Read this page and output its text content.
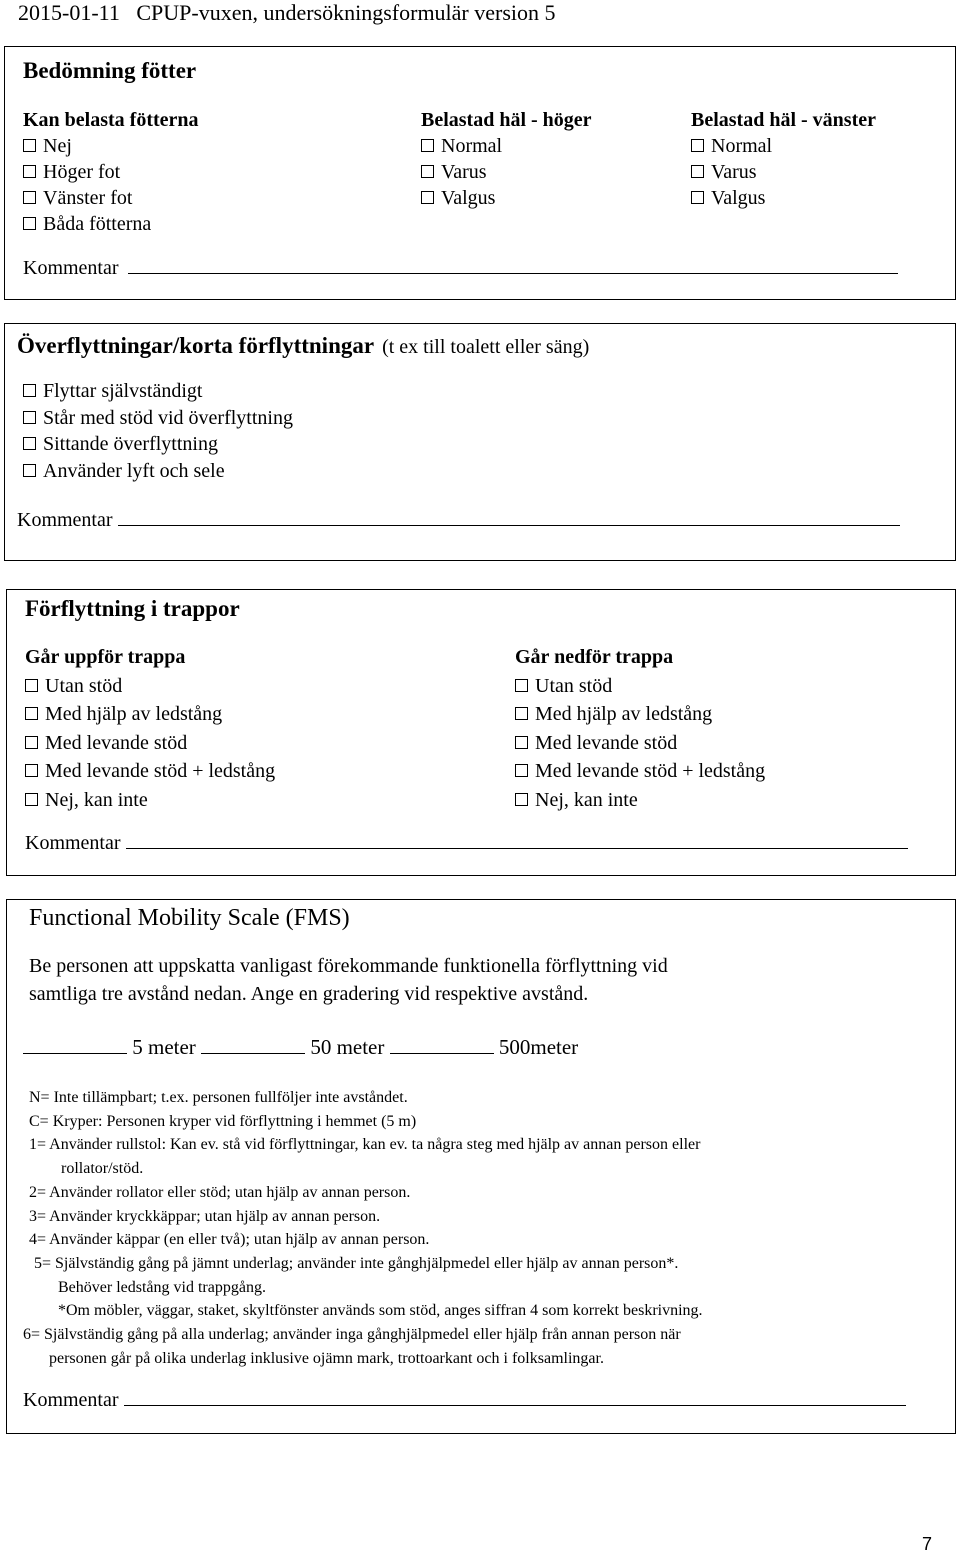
2015-01-11 CPUP-vuxen, undersökningsformulär version 5
Bedömning fötter
Kan belasta fötterna
Nej
Höger fot
Vänster fot
Båda fötterna
Belastad häl - höger
Normal
Varus
Valgus
Belastad häl - vänster
Normal
Varus
Valgus
Kommentar
Överflyttningar/korta förflyttningar (t ex till toalett eller säng)
Flyttar självständigt
Står med stöd vid överflyttning
Sittande överflyttning
Använder lyft och sele
Kommentar
Förflyttning i trappor
Går uppför trappa
Utan stöd
Med hjälp av ledstång
Med levande stöd
Med levande stöd + ledstång
Nej, kan inte
Går nedför trappa
Utan stöd
Med hjälp av ledstång
Med levande stöd
Med levande stöd + ledstång
Nej, kan inte
Kommentar
Functional Mobility Scale (FMS)
Be personen att uppskatta vanligast förekommande funktionella förflyttning vid
samtliga tre avstånd nedan. Ange en gradering vid respektive avstånd.
5 meter	50 meter	500meter
N= Inte tillämpbart; t.ex. personen fullföljer inte avståndet.
C= Kryper: Personen kryper vid förflyttning i hemmet (5 m)
1= Använder rullstol: Kan ev. stå vid förflyttningar, kan ev. ta några steg med hjälp av annan person eller
rollator/stöd.
2= Använder rollator eller stöd; utan hjälp av annan person.
3= Använder kryckkäppar; utan hjälp av annan person.
4= Använder käppar (en eller två); utan hjälp av annan person.
5= Självständig gång på jämnt underlag; använder inte gånghjälpmedel eller hjälp av annan person*.
Behöver ledstång vid trappgång.
*Om möbler, väggar, staket, skyltfönster används som stöd, anges siffran 4 som korrekt beskrivning.
6= Självständig gång på alla underlag; använder inga gånghjälpmedel eller hjälp från annan person när
personen går på olika underlag inklusive ojämn mark, trottoarkant och i folksamlingar.
Kommentar
7
